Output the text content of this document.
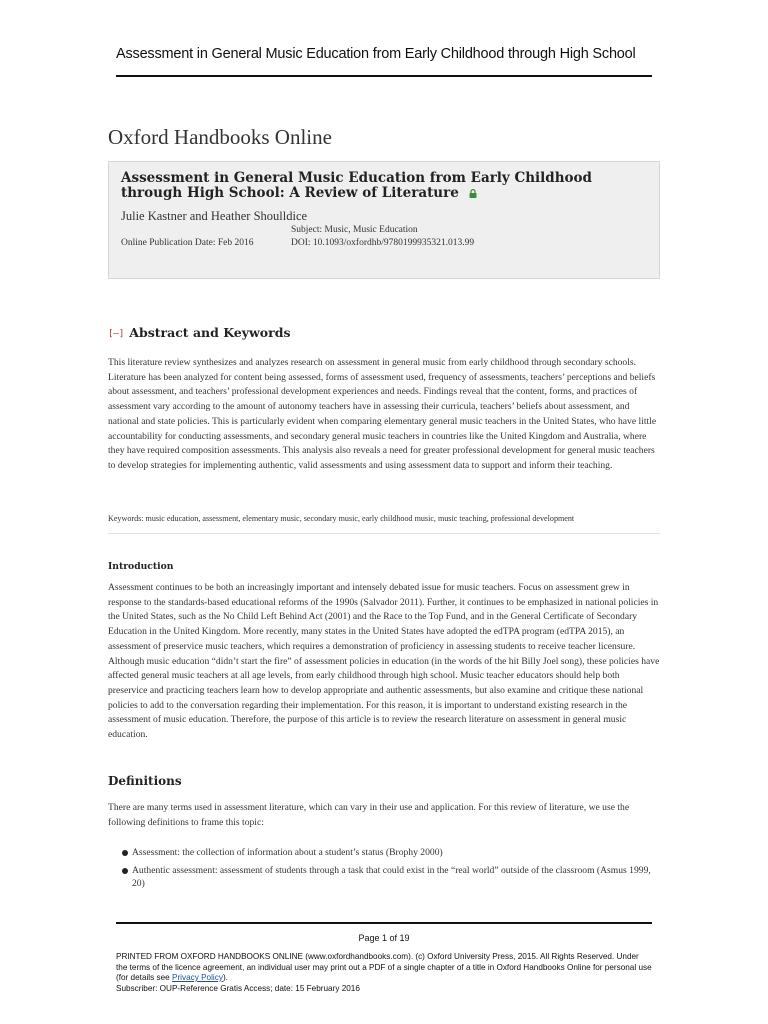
Assessment in General Music Education from Early Childhood through High School
Oxford Handbooks Online
Assessment in General Music Education from Early Childhood through High School: A Review of Literature
Julie Kastner and Heather Shoulldice
Online Publication Date: Feb 2016
Subject: Music, Music Education
DOI: 10.1093/oxfordhb/9780199935321.013.99
[–] Abstract and Keywords

This literature review synthesizes and analyzes research on assessment in general music from early childhood through secondary schools. Literature has been analyzed for content being assessed, forms of assessment used, frequency of assessments, teachers’ perceptions and beliefs about assessment, and teachers’ professional development experiences and needs. Findings reveal that the content, forms, and practices of assessment vary according to the amount of autonomy teachers have in assessing their curricula, teachers’ beliefs about assessment, and national and state policies. This is particularly evident when comparing elementary general music teachers in the United States, who have little accountability for conducting assessments, and secondary general music teachers in countries like the United Kingdom and Australia, where they have required composition assessments. This analysis also reveals a need for greater professional development for general music teachers to develop strategies for implementing authentic, valid assessments and using assessment data to support and inform their teaching.

Keywords: music education, assessment, elementary music, secondary music, early childhood music, music teaching, professional development
Introduction

Assessment continues to be both an increasingly important and intensely debated issue for music teachers. Focus on assessment grew in response to the standards-based educational reforms of the 1990s (Salvador 2011). Further, it continues to be emphasized in national policies in the United States, such as the No Child Left Behind Act (2001) and the Race to the Top Fund, and in the General Certificate of Secondary Education in the United Kingdom. More recently, many states in the United States have adopted the edTPA program (edTPA 2015), an assessment of preservice music teachers, which requires a demonstration of proficiency in assessing students to receive teacher licensure. Although music education “didn’t start the fire” of assessment policies in education (in the words of the hit Billy Joel song), these policies have affected general music teachers at all age levels, from early childhood through high school. Music teacher educators should help both preservice and practicing teachers learn how to develop appropriate and authentic assessments, but also examine and critique these national policies to add to the conversation regarding their implementation. For this reason, it is important to understand existing research in the assessment of music education. Therefore, the purpose of this article is to review the research literature on assessment in general music education.

Definitions

There are many terms used in assessment literature, which can vary in their use and application. For this review of literature, we use the following definitions to frame this topic:

Assessment: the collection of information about a student’s status (Brophy 2000)
Authentic assessment: assessment of students through a task that could exist in the “real world” outside of the classroom (Asmus 1999, 20)
Page 1 of 19
PRINTED FROM OXFORD HANDBOOKS ONLINE (www.oxfordhandbooks.com). (c) Oxford University Press, 2015. All Rights Reserved. Under the terms of the licence agreement, an individual user may print out a PDF of a single chapter of a title in Oxford Handbooks Online for personal use (for details see Privacy Policy).
Subscriber: OUP-Reference Gratis Access; date: 15 February 2016
